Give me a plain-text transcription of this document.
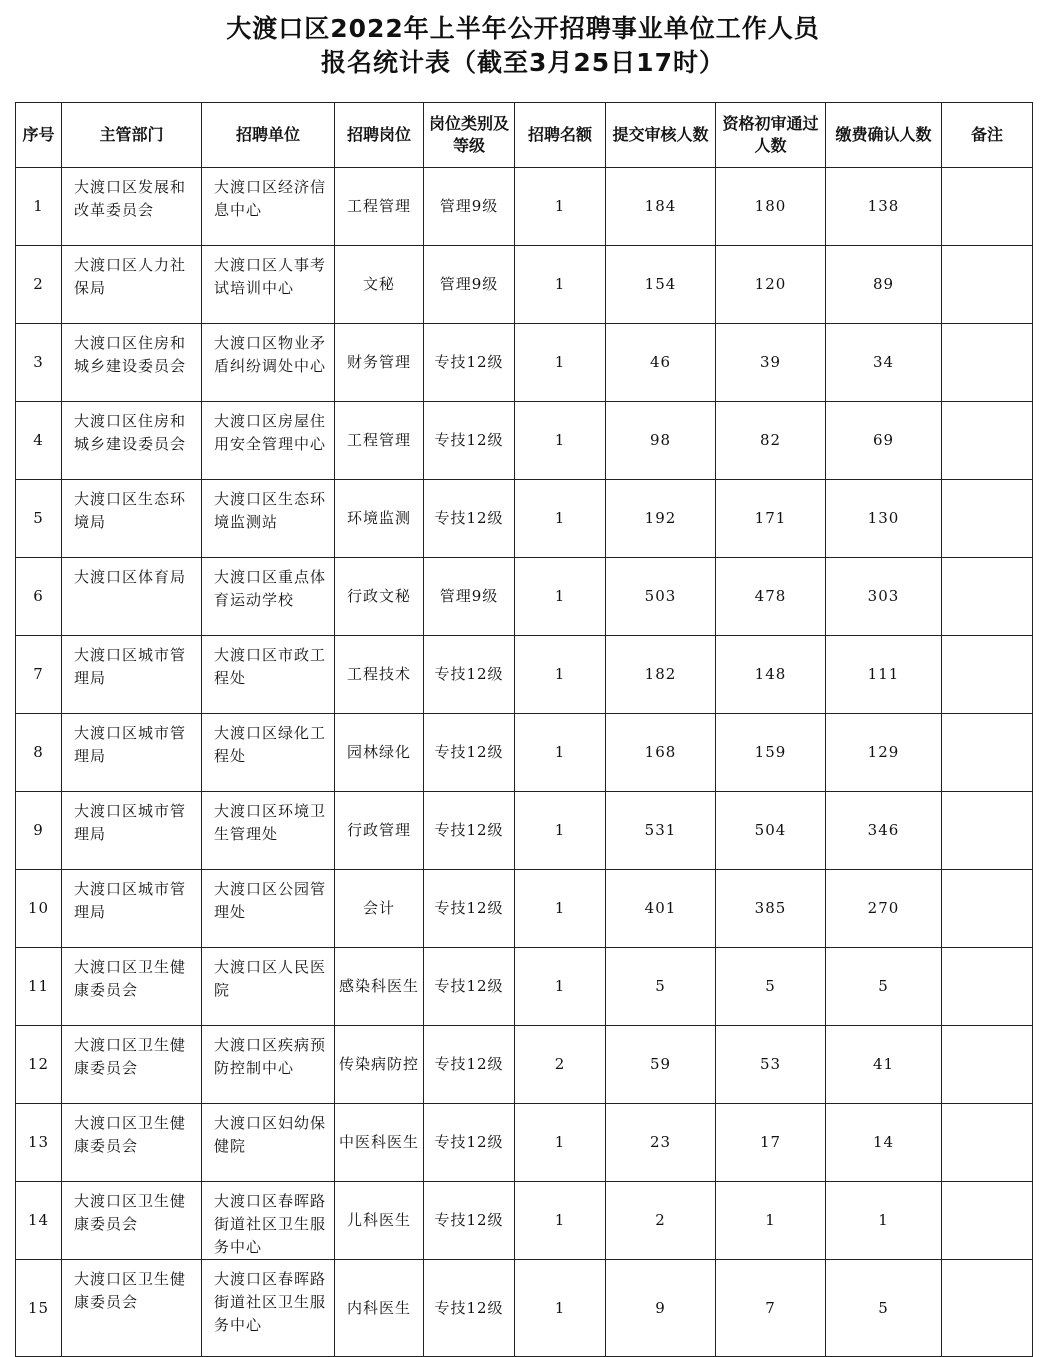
大渡口区2022年上半年公开招聘事业单位工作人员
报名统计表（截至3月25日17时）
序号	主管部门	招聘单位	招聘岗位	岗位类别及等级	招聘名额	提交审核人数	资格初审通过人数	缴费确认人数	备注
1	大渡口区发展和改革委员会	大渡口区经济信息中心	工程管理	管理9级	1	184	180	138	
2	大渡口区人力社保局	大渡口区人事考试培训中心	文秘	管理9级	1	154	120	89	
3	大渡口区住房和城乡建设委员会	大渡口区物业矛盾纠纷调处中心	财务管理	专技12级	1	46	39	34	
4	大渡口区住房和城乡建设委员会	大渡口区房屋住用安全管理中心	工程管理	专技12级	1	98	82	69	
5	大渡口区生态环境局	大渡口区生态环境监测站	环境监测	专技12级	1	192	171	130	
6	大渡口区体育局	大渡口区重点体育运动学校	行政文秘	管理9级	1	503	478	303	
7	大渡口区城市管理局	大渡口区市政工程处	工程技术	专技12级	1	182	148	111	
8	大渡口区城市管理局	大渡口区绿化工程处	园林绿化	专技12级	1	168	159	129	
9	大渡口区城市管理局	大渡口区环境卫生管理处	行政管理	专技12级	1	531	504	346	
10	大渡口区城市管理局	大渡口区公园管理处	会计	专技12级	1	401	385	270	
11	大渡口区卫生健康委员会	大渡口区人民医院	感染科医生	专技12级	1	5	5	5	
12	大渡口区卫生健康委员会	大渡口区疾病预防控制中心	传染病防控	专技12级	2	59	53	41	
13	大渡口区卫生健康委员会	大渡口区妇幼保健院	中医科医生	专技12级	1	23	17	14	
14	大渡口区卫生健康委员会	大渡口区春晖路街道社区卫生服务中心	儿科医生	专技12级	1	2	1	1	
15	大渡口区卫生健康委员会	大渡口区春晖路街道社区卫生服务中心	内科医生	专技12级	1	9	7	5	
